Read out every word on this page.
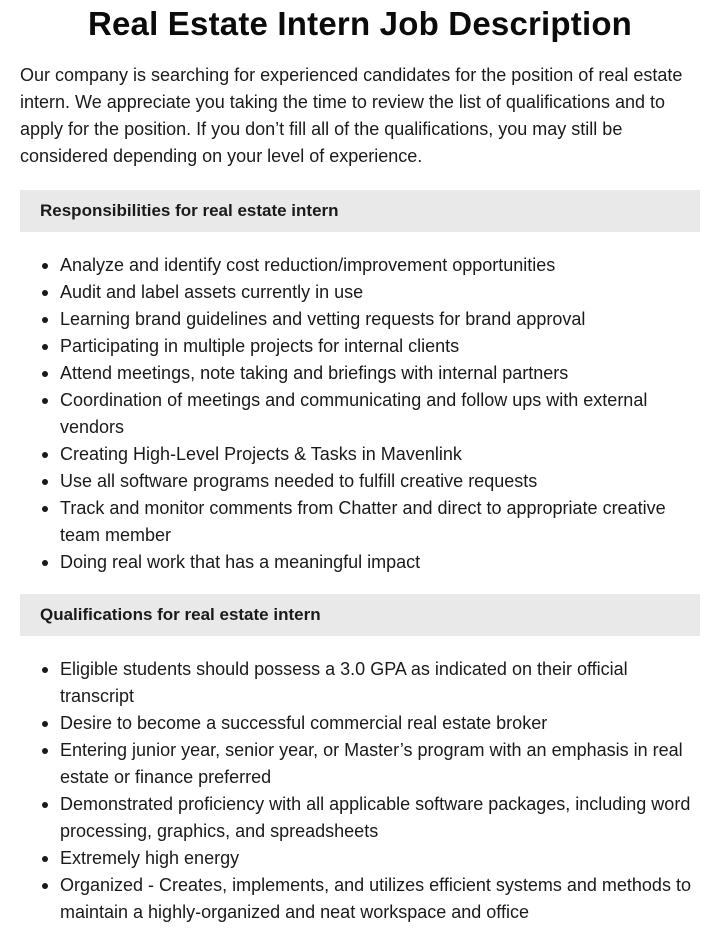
Real Estate Intern Job Description

Our company is searching for experienced candidates for the position of real estate intern. We appreciate you taking the time to review the list of qualifications and to apply for the position. If you don’t fill all of the qualifications, you may still be considered depending on your level of experience.

Responsibilities for real estate intern
Analyze and identify cost reduction/improvement opportunities
Audit and label assets currently in use
Learning brand guidelines and vetting requests for brand approval
Participating in multiple projects for internal clients
Attend meetings, note taking and briefings with internal partners
Coordination of meetings and communicating and follow ups with external vendors
Creating High-Level Projects & Tasks in Mavenlink
Use all software programs needed to fulfill creative requests
Track and monitor comments from Chatter and direct to appropriate creative team member
Doing real work that has a meaningful impact
Qualifications for real estate intern
Eligible students should possess a 3.0 GPA as indicated on their official transcript
Desire to become a successful commercial real estate broker
Entering junior year, senior year, or Master’s program with an emphasis in real estate or finance preferred
Demonstrated proficiency with all applicable software packages, including word processing, graphics, and spreadsheets
Extremely high energy
Organized - Creates, implements, and utilizes efficient systems and methods to maintain a highly-organized and neat workspace and office
